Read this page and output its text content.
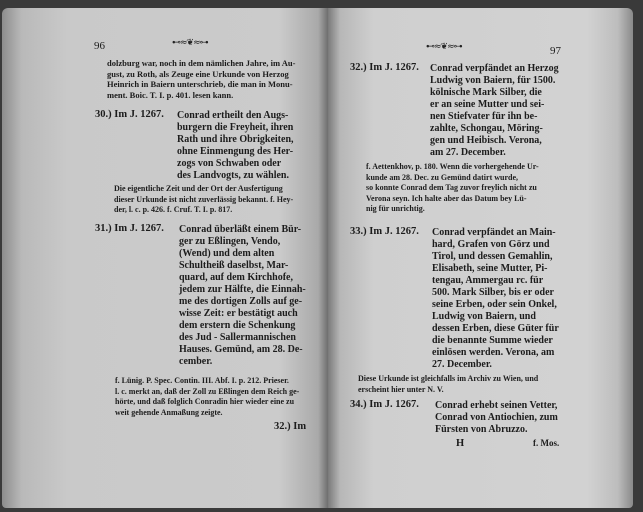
96	⊷≈❦≈⊶
dolzburg war, noch in dem nämlichen Jahre, im Au-
gust, zu Roth, als Zeuge eine Urkunde von Herzog
Heinrich in Baiern unterschrieb, die man in Monu-
ment. Boic. T. I. p. 401. lesen kann.
30.) Im J. 1267. Conrad ertheilt den Augs-
burgern die Freyheit, ihren
Rath und ihre Obrigkeiten,
ohne Einmengung des Her-
zogs von Schwaben oder
des Landvogts, zu wählen.
Die eigentliche Zeit und der Ort der Ausfertigung
dieser Urkunde ist nicht zuverlässig bekannt. f. Hey-
der, l. c. p. 426. f. Cruf. T. I. p. 817.
31.) Im J. 1267. Conrad überläßt einem Bür-
ger zu Eßlingen, Vendo,
(Wend) und dem alten
Schultheiß daselbst, Mar-
quard, auf dem Kirchhofe,
jedem zur Hälfte, die Einnah-
me des dortigen Zolls auf ge-
wisse Zeit: er bestätigt auch
dem erstern die Schenkung
des Jud - Sallermannischen
Hauses. Gemünd, am 28. De-
cember.
f. Lünig. P. Spec. Contin. III. Abf. I. p. 212. Prieser.
l. c. merkt an, daß der Zoll zu Eßlingen dem Reich ge-
hörte, und daß folglich Conradin hier wieder eine zu
weit gehende Anmaßung zeigte.
32.) Im
⊷≈❦≈⊶	97
32.) Im J. 1267. Conrad verpfändet an Herzog
Ludwig von Baiern, für 1500.
kölnische Mark Silber, die
er an seine Mutter und sei-
nen Stiefvater für ihn be-
zahlte, Schongau, Möring-
gen und Heibisch. Verona,
am 27. December.
f. Aettenkhov, p. 180. Wenn die vorhergehende Ur-
kunde am 28. Dec. zu Gemünd datirt wurde,
so konnte Conrad dem Tag zuvor freylich nicht zu
Verona seyn. Ich halte aber das Datum bey Lü-
nig für unrichtig.
33.) Im J. 1267. Conrad verpfändet an Main-
hard, Grafen von Görz und
Tirol, und dessen Gemahlin,
Elisabeth, seine Mutter, Pi-
tengau, Ammergau rc. für
500. Mark Silber, bis er oder
seine Erben, oder sein Onkel,
Ludwig von Baiern, und
dessen Erben, diese Güter für
die benannte Summe wieder
einlösen werden. Verona, am
27. December.
Diese Urkunde ist gleichfalls im Archiv zu Wien, und
erscheint hier unter N. V.
34.) Im J. 1267. Conrad erhebt seinen Vetter,
Conrad von Antiochien, zum
Fürsten von Abruzzo.
H	f. Mos.
